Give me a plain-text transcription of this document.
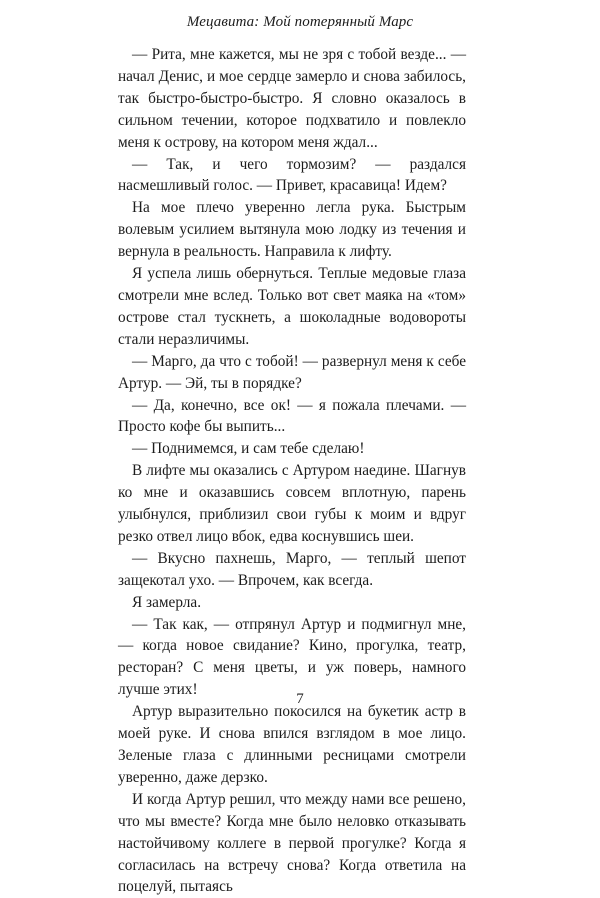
Мецавита: Мой потерянный Марс

— Рита, мне кажется, мы не зря с тобой везде... — начал Денис, и мое сердце замерло и снова забилось, так быстро-быстро-быстро. Я словно оказалось в сильном течении, которое подхватило и повлекло меня к острову, на котором меня ждал...

— Так, и чего тормозим? — раздался насмешливый голос. — Привет, красавица! Идем?

На мое плечо уверенно легла рука. Быстрым волевым усилием вытянула мою лодку из течения и вернула в реальность. Направила к лифту.

Я успела лишь обернуться. Теплые медовые глаза смотрели мне вслед. Только вот свет маяка на «том» острове стал тускнеть, а шоколадные водовороты стали неразличимы.

— Марго, да что с тобой! — развернул меня к себе Артур. — Эй, ты в порядке?

— Да, конечно, все ок! — я пожала плечами. — Просто кофе бы выпить...

— Поднимемся, и сам тебе сделаю!

В лифте мы оказались с Артуром наедине. Шагнув ко мне и оказавшись совсем вплотную, парень улыбнулся, приблизил свои губы к моим и вдруг резко отвел лицо вбок, едва коснувшись шеи.

— Вкусно пахнешь, Марго, — теплый шепот защекотал ухо. — Впрочем, как всегда.

Я замерла.

— Так как, — отпрянул Артур и подмигнул мне, — когда новое свидание? Кино, прогулка, театр, ресторан? С меня цветы, и уж поверь, намного лучше этих!

Артур выразительно покосился на букетик астр в моей руке. И снова впился взглядом в мое лицо. Зеленые глаза с длинными ресницами смотрели уверенно, даже дерзко.

И когда Артур решил, что между нами все решено, что мы вместе? Когда мне было неловко отказывать настойчивому коллеге в первой прогулке? Когда я согласилась на встречу снова? Когда ответила на поцелуй, пытаясь

7
